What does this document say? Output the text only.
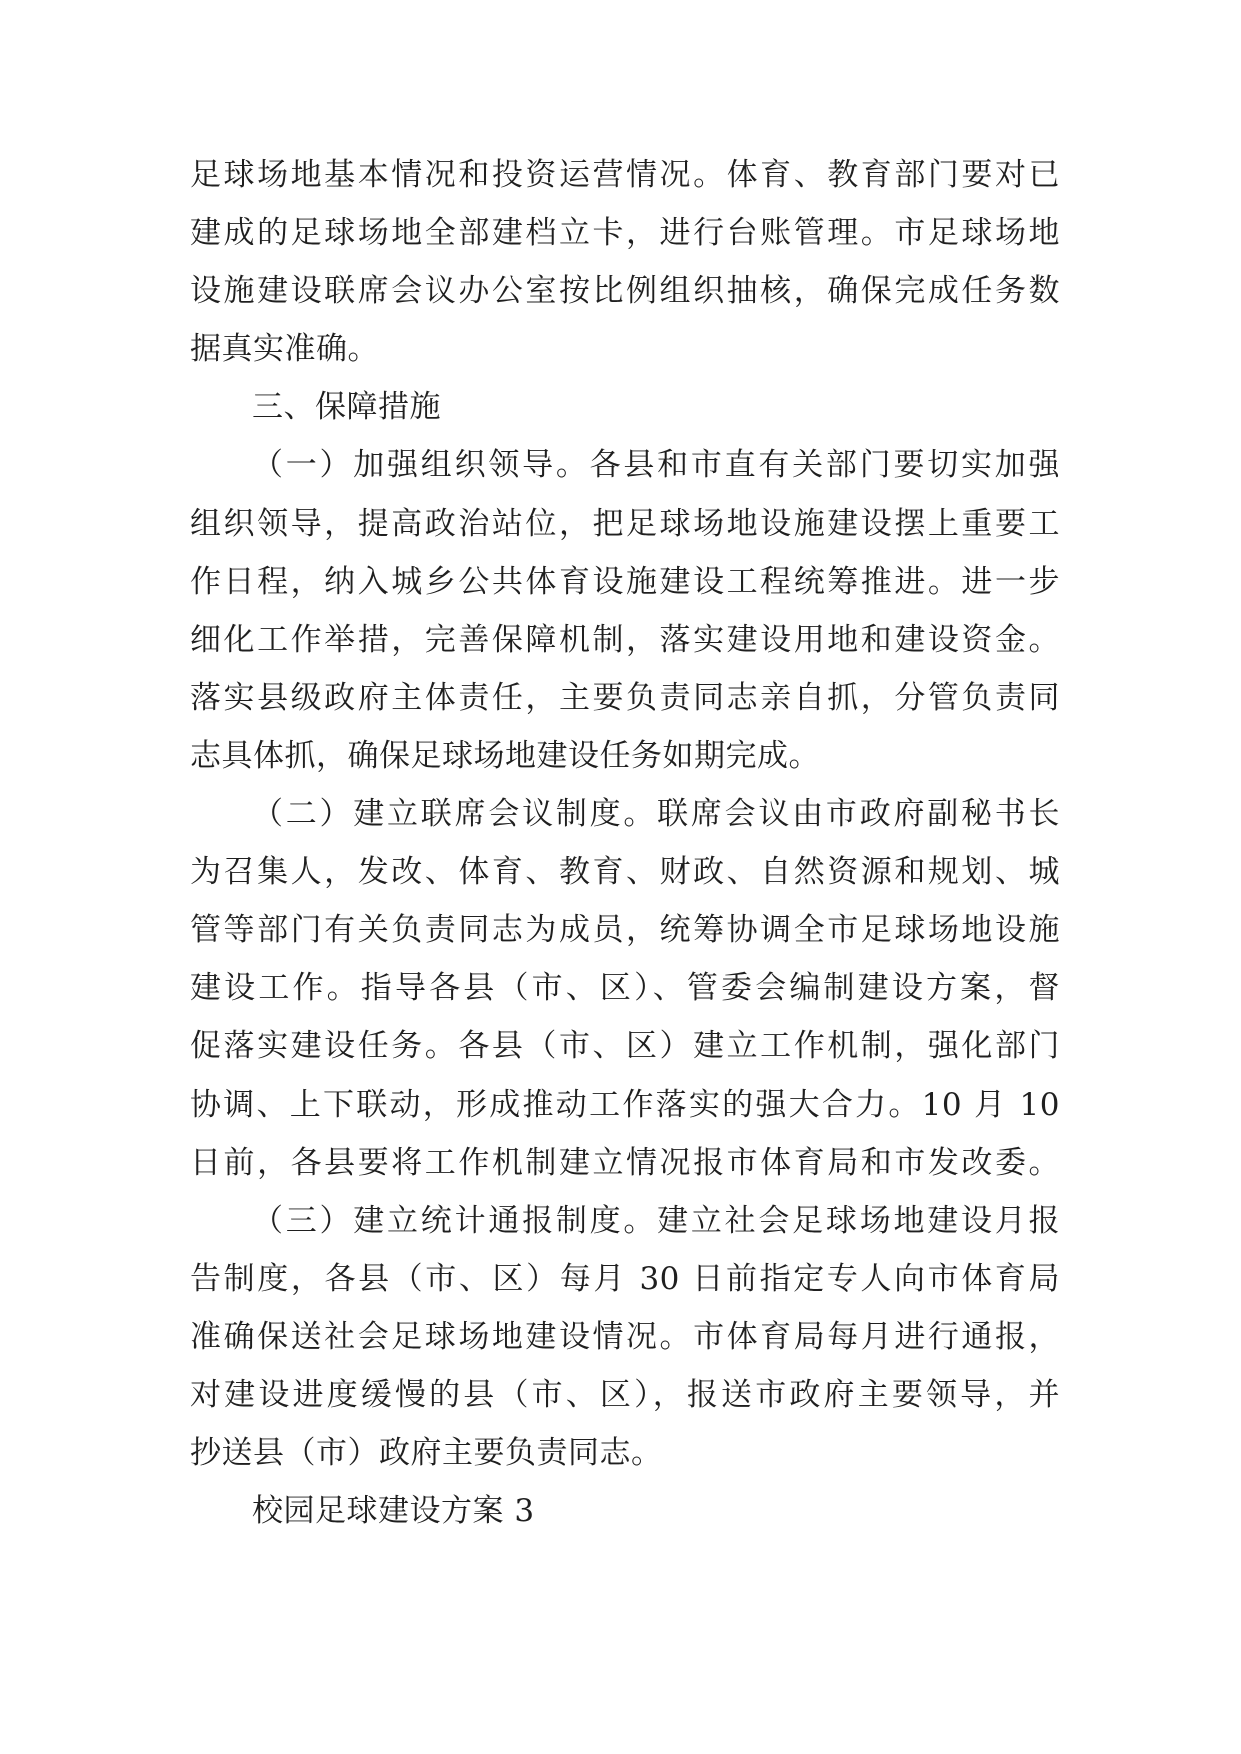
足球场地基本情况和投资运营情况。体育、教育部门要对已
建成的足球场地全部建档立卡，进行台账管理。市足球场地
设施建设联席会议办公室按比例组织抽核，确保完成任务数
据真实准确。
三、保障措施
（一）加强组织领导。各县和市直有关部门要切实加强
组织领导，提高政治站位，把足球场地设施建设摆上重要工
作日程，纳入城乡公共体育设施建设工程统筹推进。进一步
细化工作举措，完善保障机制，落实建设用地和建设资金。
落实县级政府主体责任，主要负责同志亲自抓，分管负责同
志具体抓，确保足球场地建设任务如期完成。
（二）建立联席会议制度。联席会议由市政府副秘书长
为召集人，发改、体育、教育、财政、自然资源和规划、城
管等部门有关负责同志为成员，统筹协调全市足球场地设施
建设工作。指导各县（市、区）、管委会编制建设方案，督
促落实建设任务。各县（市、区）建立工作机制，强化部门
协调、上下联动，形成推动工作落实的强大合力。10 月 10
日前，各县要将工作机制建立情况报市体育局和市发改委。
（三）建立统计通报制度。建立社会足球场地建设月报
告制度，各县（市、区）每月 30 日前指定专人向市体育局
准确保送社会足球场地建设情况。市体育局每月进行通报，
对建设进度缓慢的县（市、区），报送市政府主要领导，并
抄送县（市）政府主要负责同志。
校园足球建设方案 3
